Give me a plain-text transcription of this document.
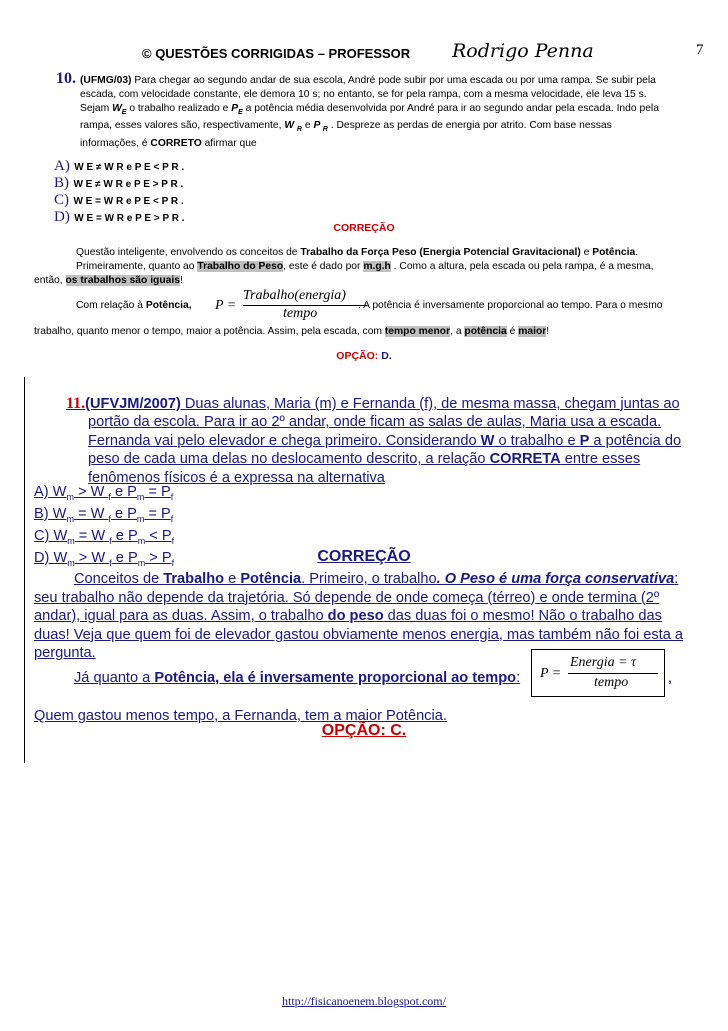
© QUESTÕES CORRIGIDAS – PROFESSOR Rodrigo Penna	7
10. (UFMG/03) Para chegar ao segundo andar de sua escola, André pode subir por uma escada ou por uma rampa. Se subir pela
escada, com velocidade constante, ele demora 10 s; no entanto, se for pela rampa, com a mesma velocidade, ele leva 15 s.
Sejam $W_E$ o trabalho realizado e $P_E$ a potência média desenvolvida por André para ir ao segundo andar pela escada. Indo pela
rampa, esses valores são, respectivamente, W $_R$ e P $_R$ . Despreze as perdas de energia por atrito. Com base nessas
informações, é CORRETO afirmar que
A) W E ≠ W R e P E < P R .
B) W E ≠ W R e P E > P R .
C) W E = W R e P E < P R .
D) W E = W R e P E > P R .
CORREÇÃO
Questão inteligente, envolvendo os conceitos de Trabalho da Força Peso (Energia Potencial Gravitacional) e Potência.
Primeiramente, quanto ao Trabalho do Peso, este é dado por m.g.h . Como a altura, pela escada ou pela rampa, é a mesma,
então, os trabalhos são iguais!
Com relação à Potência, P =
Trabalho(energia)
tempo
. A potência é inversamente proporcional ao tempo. Para o mesmo
trabalho, quanto menor o tempo, maior a potência. Assim, pela escada, com tempo menor, a potência é maior!
OPÇÃO: D.
11.(UFVJM/2007) Duas alunas, Maria (m) e Fernanda (f), de mesma massa, chegam juntas ao
portão da escola. Para ir ao 2º andar, onde ficam as salas de aulas, Maria usa a escada.
Fernanda vai pelo elevador e chega primeiro. Considerando W o trabalho e P a potência do
peso de cada uma delas no deslocamento descrito, a relação CORRETA entre esses
fenômenos físicos é a expressa na alternativa
A) $W_m > W$ $_f$ e $P_m = P_f$
B) $W_m = W$ $_f$ e $P_m = P_f$
C) $W_m = W$ $_f$ e $P_m < P_f$
D) $W_m > W$ $_f$ e $P_m > P_f$	CORREÇÃO
Conceitos de Trabalho e Potência. Primeiro, o trabalho. O Peso é uma força conservativa:
seu trabalho não depende da trajetória. Só depende de onde começa (térreo) e onde termina (2º
andar), igual para as duas. Assim, o trabalho do peso das duas foi o mesmo! Não o trabalho das
duas! Veja que quem foi de elevador gastou obviamente menos energia, mas também não foi esta a
pergunta.
Já quanto a Potência, ela é inversamente proporcional ao tempo:	P =
Energia = τ
tempo	,
Quem gastou menos tempo, a Fernanda, tem a maior Potência.
OPÇÃO: C.
http://fisicanoenem.blogspot.com/
